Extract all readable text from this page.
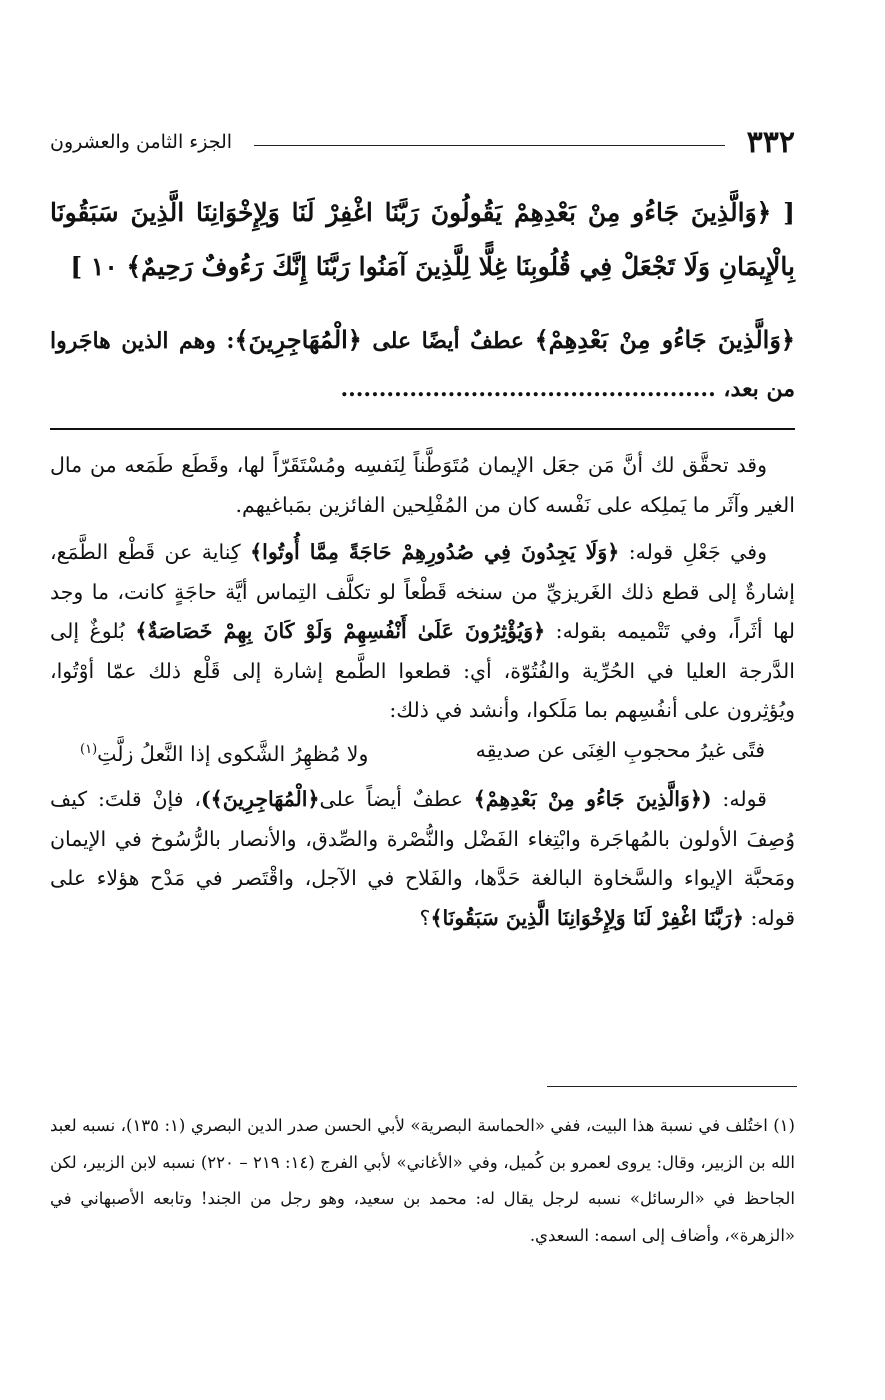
٣٣٢
الجزء الثامن والعشرون
[ ﴿وَالَّذِينَ جَاءُو مِنْ بَعْدِهِمْ يَقُولُونَ رَبَّنَا اغْفِرْ لَنَا وَلِإِخْوَانِنَا الَّذِينَ سَبَقُونَا بِالْإِيمَانِ وَلَا تَجْعَلْ فِي قُلُوبِنَا غِلًّا لِلَّذِينَ آمَنُوا رَبَّنَا إِنَّكَ رَءُوفٌ رَحِيمٌ﴾ ١٠ ]
﴿وَالَّذِينَ جَاءُو مِنْ بَعْدِهِمْ﴾ عطفٌ أيضًا على ﴿الْمُهَاجِرِينَ﴾: وهم الذين هاجَروا من بعد، .................................................

وقد تحقَّق لك أنَّ مَن جعَل الإيمان مُتَوَطَّناً لِنَفسِه ومُسْتَقَرّاً لها، وقَطَع طَمَعه من مال الغير وآثَر ما يَملِكه على نَفْسه كان من المُفْلِحين الفائزين بمَباغيهم.

وفي جَعْلِ قوله: ﴿وَلَا يَجِدُونَ فِي صُدُورِهِمْ حَاجَةً مِمَّا أُوتُوا﴾ كِناية عن قَطْع الطَّمَع، إشارةٌ إلى قطع ذلك الغَريزيِّ من سنخه قَطْعاً لو تكلَّف التِماس أيَّة حاجَةٍ كانت، ما وجد لها أثَراً، وفي تَتْميمه بقوله: ﴿وَيُؤْثِرُونَ عَلَىٰ أَنْفُسِهِمْ وَلَوْ كَانَ بِهِمْ خَصَاصَةٌ﴾ بُلوغٌ إلى الدَّرجة العليا في الحُرِّية والفُتُوّة، أي: قطعوا الطَّمع إشارة إلى قَلْع ذلك عمّا أوْتُوا، ويُؤثِرون على أنفُسِهم بما مَلَكوا، وأنشد في ذلك:

فتًى غيرُ محجوبِ الغِنَى عن صديقِه
ولا مُظهِرُ الشَّكوى إذا النَّعلُ زلَّتِ$^{(١)}$

قوله: (﴿وَالَّذِينَ جَاءُو مِنْ بَعْدِهِمْ﴾ عطفٌ أيضاً على﴿الْمُهَاجِرِينَ﴾)، فإنْ قلتَ: كيف وُصِفَ الأولون بالمُهاجَرة وابْتِغاء الفَضْل والنُّصْرة والصِّدق، والأنصار بالرُّسُوخ في الإيمان ومَحبَّة الإيواء والسَّخاوة البالغة حَدَّها، والفَلاح في الآجل، واقْتَصر في مَدْح هؤلاء على قوله: ﴿رَبَّنَا اغْفِرْ لَنَا وَلِإِخْوَانِنَا الَّذِينَ سَبَقُونَا﴾؟

(١) اختُلف في نسبة هذا البيت، ففي «الحماسة البصرية» لأبي الحسن صدر الدين البصري (١: ١٣٥)، نسبه لعبد الله بن الزبير، وقال: يروى لعمرو بن كُميل، وفي «الأغاني» لأبي الفرج (١٤: ٢١٩ – ٢٢٠) نسبه لابن الزبير، لكن الجاحظ في «الرسائل» نسبه لرجل يقال له: محمد بن سعيد، وهو رجل من الجند! وتابعه الأصبهاني في «الزهرة»، وأضاف إلى اسمه: السعدي.
